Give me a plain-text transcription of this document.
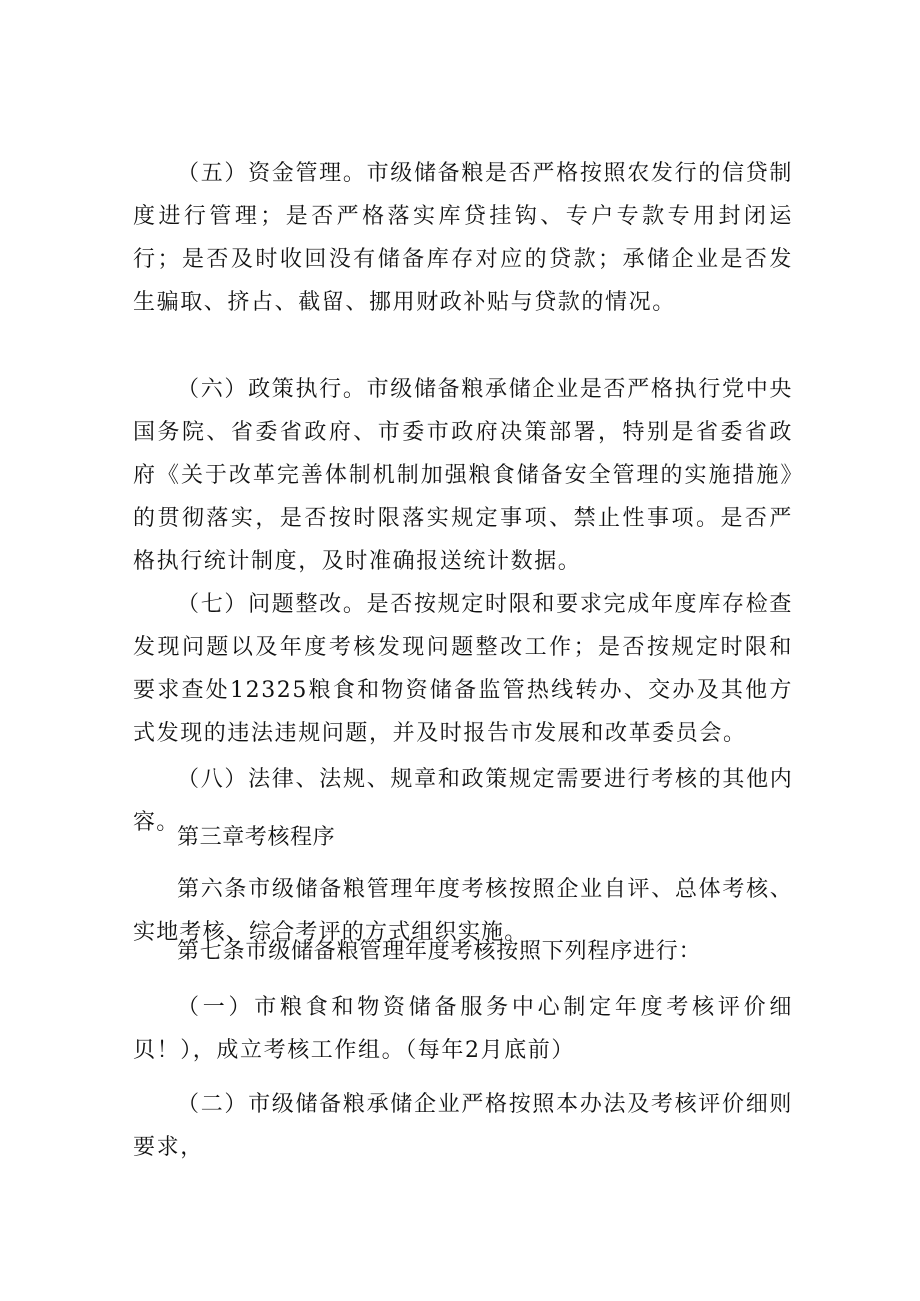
（五）资金管理。市级储备粮是否严格按照农发行的信贷制度进行管理；是否严格落实库贷挂钩、专户专款专用封闭运行；是否及时收回没有储备库存对应的贷款；承储企业是否发生骗取、挤占、截留、挪用财政补贴与贷款的情况。

（六）政策执行。市级储备粮承储企业是否严格执行党中央国务院、省委省政府、市委市政府决策部署，特别是省委省政府《关于改革完善体制机制加强粮食储备安全管理的实施措施》的贯彻落实，是否按时限落实规定事项、禁止性事项。是否严格执行统计制度，及时准确报送统计数据。

（七）问题整改。是否按规定时限和要求完成年度库存检查发现问题以及年度考核发现问题整改工作；是否按规定时限和要求查处12325粮食和物资储备监管热线转办、交办及其他方式发现的违法违规问题，并及时报告市发展和改革委员会。

（八）法律、法规、规章和政策规定需要进行考核的其他内容。

第三章考核程序

第六条市级储备粮管理年度考核按照企业自评、总体考核、实地考核、综合考评的方式组织实施。

第七条市级储备粮管理年度考核按照下列程序进行：

（一）市粮食和物资储备服务中心制定年度考核评价细贝！），成立考核工作组。（每年2月底前）

（二）市级储备粮承储企业严格按照本办法及考核评价细则要求，
